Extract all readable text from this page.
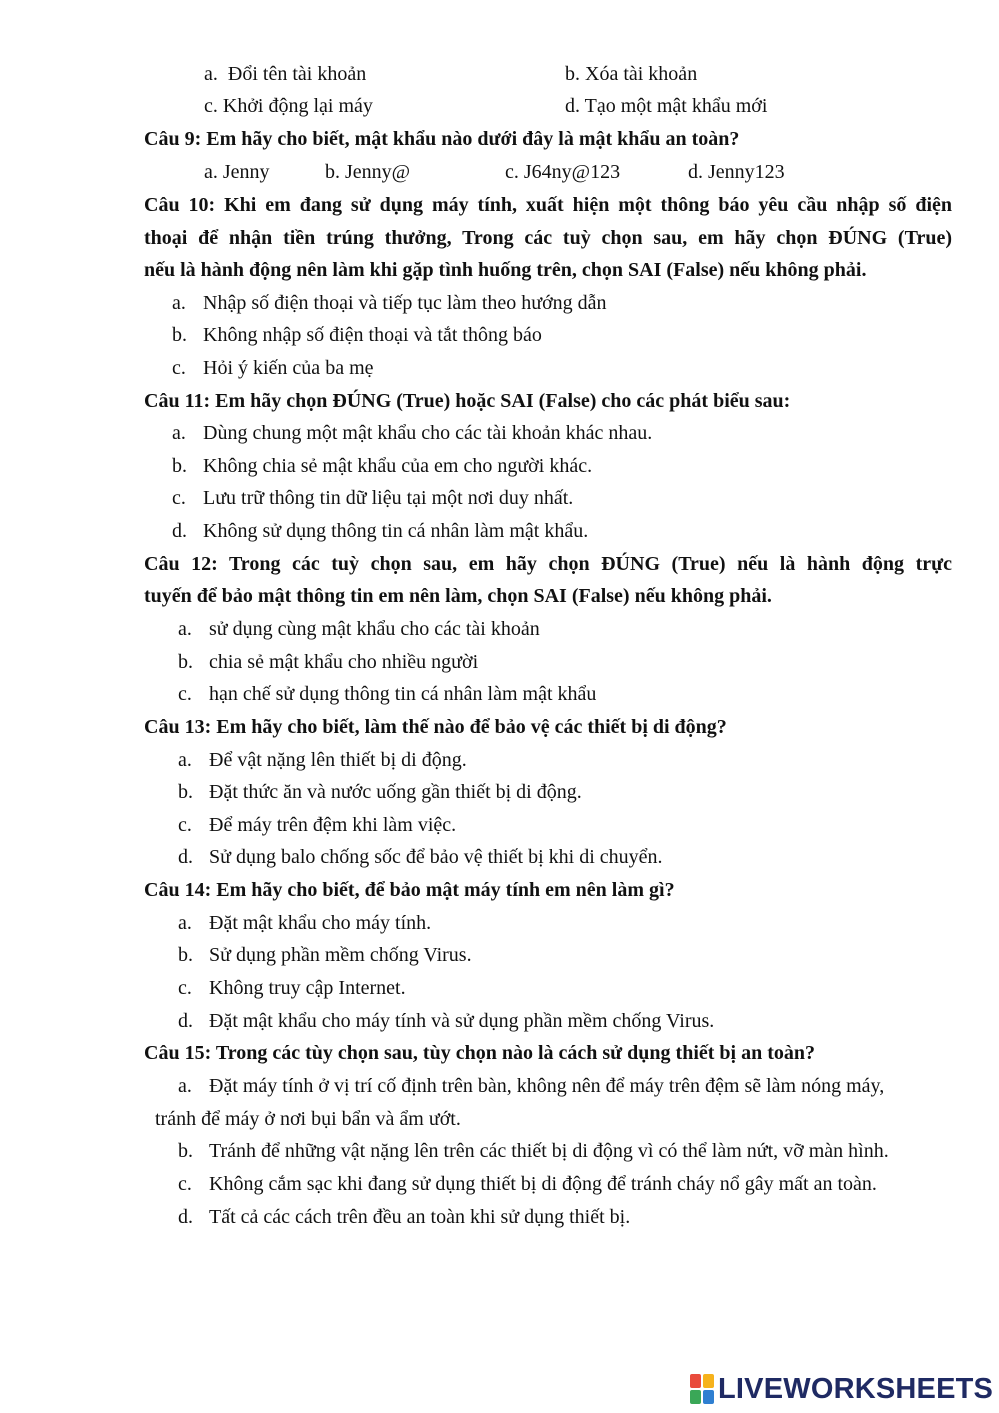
a. Đổi tên tài khoản	b. Xóa tài khoản
c. Khởi động lại máy	d. Tạo một mật khẩu mới
Câu 9: Em hãy cho biết, mật khẩu nào dưới đây là mật khẩu an toàn?
a. Jenny	b. Jenny@	c. J64ny@123	d. Jenny123
Câu 10: Khi em đang sử dụng máy tính, xuất hiện một thông báo yêu cầu nhập số điện
thoại để nhận tiền trúng thưởng, Trong các tuỳ chọn sau, em hãy chọn ĐÚNG (True)
nếu là hành động nên làm khi gặp tình huống trên, chọn SAI (False) nếu không phải.
a. Nhập số điện thoại và tiếp tục làm theo hướng dẫn
b. Không nhập số điện thoại và tắt thông báo
c. Hỏi ý kiến của ba mẹ
Câu 11: Em hãy chọn ĐÚNG (True) hoặc SAI (False) cho các phát biểu sau:
a. Dùng chung một mật khẩu cho các tài khoản khác nhau.
b. Không chia sẻ mật khẩu của em cho người khác.
c. Lưu trữ thông tin dữ liệu tại một nơi duy nhất.
d. Không sử dụng thông tin cá nhân làm mật khẩu.
Câu 12: Trong các tuỳ chọn sau, em hãy chọn ĐÚNG (True) nếu là hành động trực
tuyến để bảo mật thông tin em nên làm, chọn SAI (False) nếu không phải.
a. sử dụng cùng mật khẩu cho các tài khoản
b. chia sẻ mật khẩu cho nhiều người
c. hạn chế sử dụng thông tin cá nhân làm mật khẩu
Câu 13: Em hãy cho biết, làm thế nào để bảo vệ các thiết bị di động?
a. Để vật nặng lên thiết bị di động.
b. Đặt thức ăn và nước uống gần thiết bị di động.
c. Để máy trên đệm khi làm việc.
d. Sử dụng balo chống sốc để bảo vệ thiết bị khi di chuyển.
Câu 14: Em hãy cho biết, để bảo mật máy tính em nên làm gì?
a. Đặt mật khẩu cho máy tính.
b. Sử dụng phần mềm chống Virus.
c. Không truy cập Internet.
d. Đặt mật khẩu cho máy tính và sử dụng phần mềm chống Virus.
Câu 15: Trong các tùy chọn sau, tùy chọn nào là cách sử dụng thiết bị an toàn?
a. Đặt máy tính ở vị trí cố định trên bàn, không nên để máy trên đệm sẽ làm nóng máy,
tránh để máy ở nơi bụi bẩn và ẩm ướt.
b. Tránh để những vật nặng lên trên các thiết bị di động vì có thể làm nứt, vỡ màn hình.
c. Không cắm sạc khi đang sử dụng thiết bị di động để tránh cháy nổ gây mất an toàn.
d. Tất cả các cách trên đều an toàn khi sử dụng thiết bị.
LIVEWORKSHEETS
